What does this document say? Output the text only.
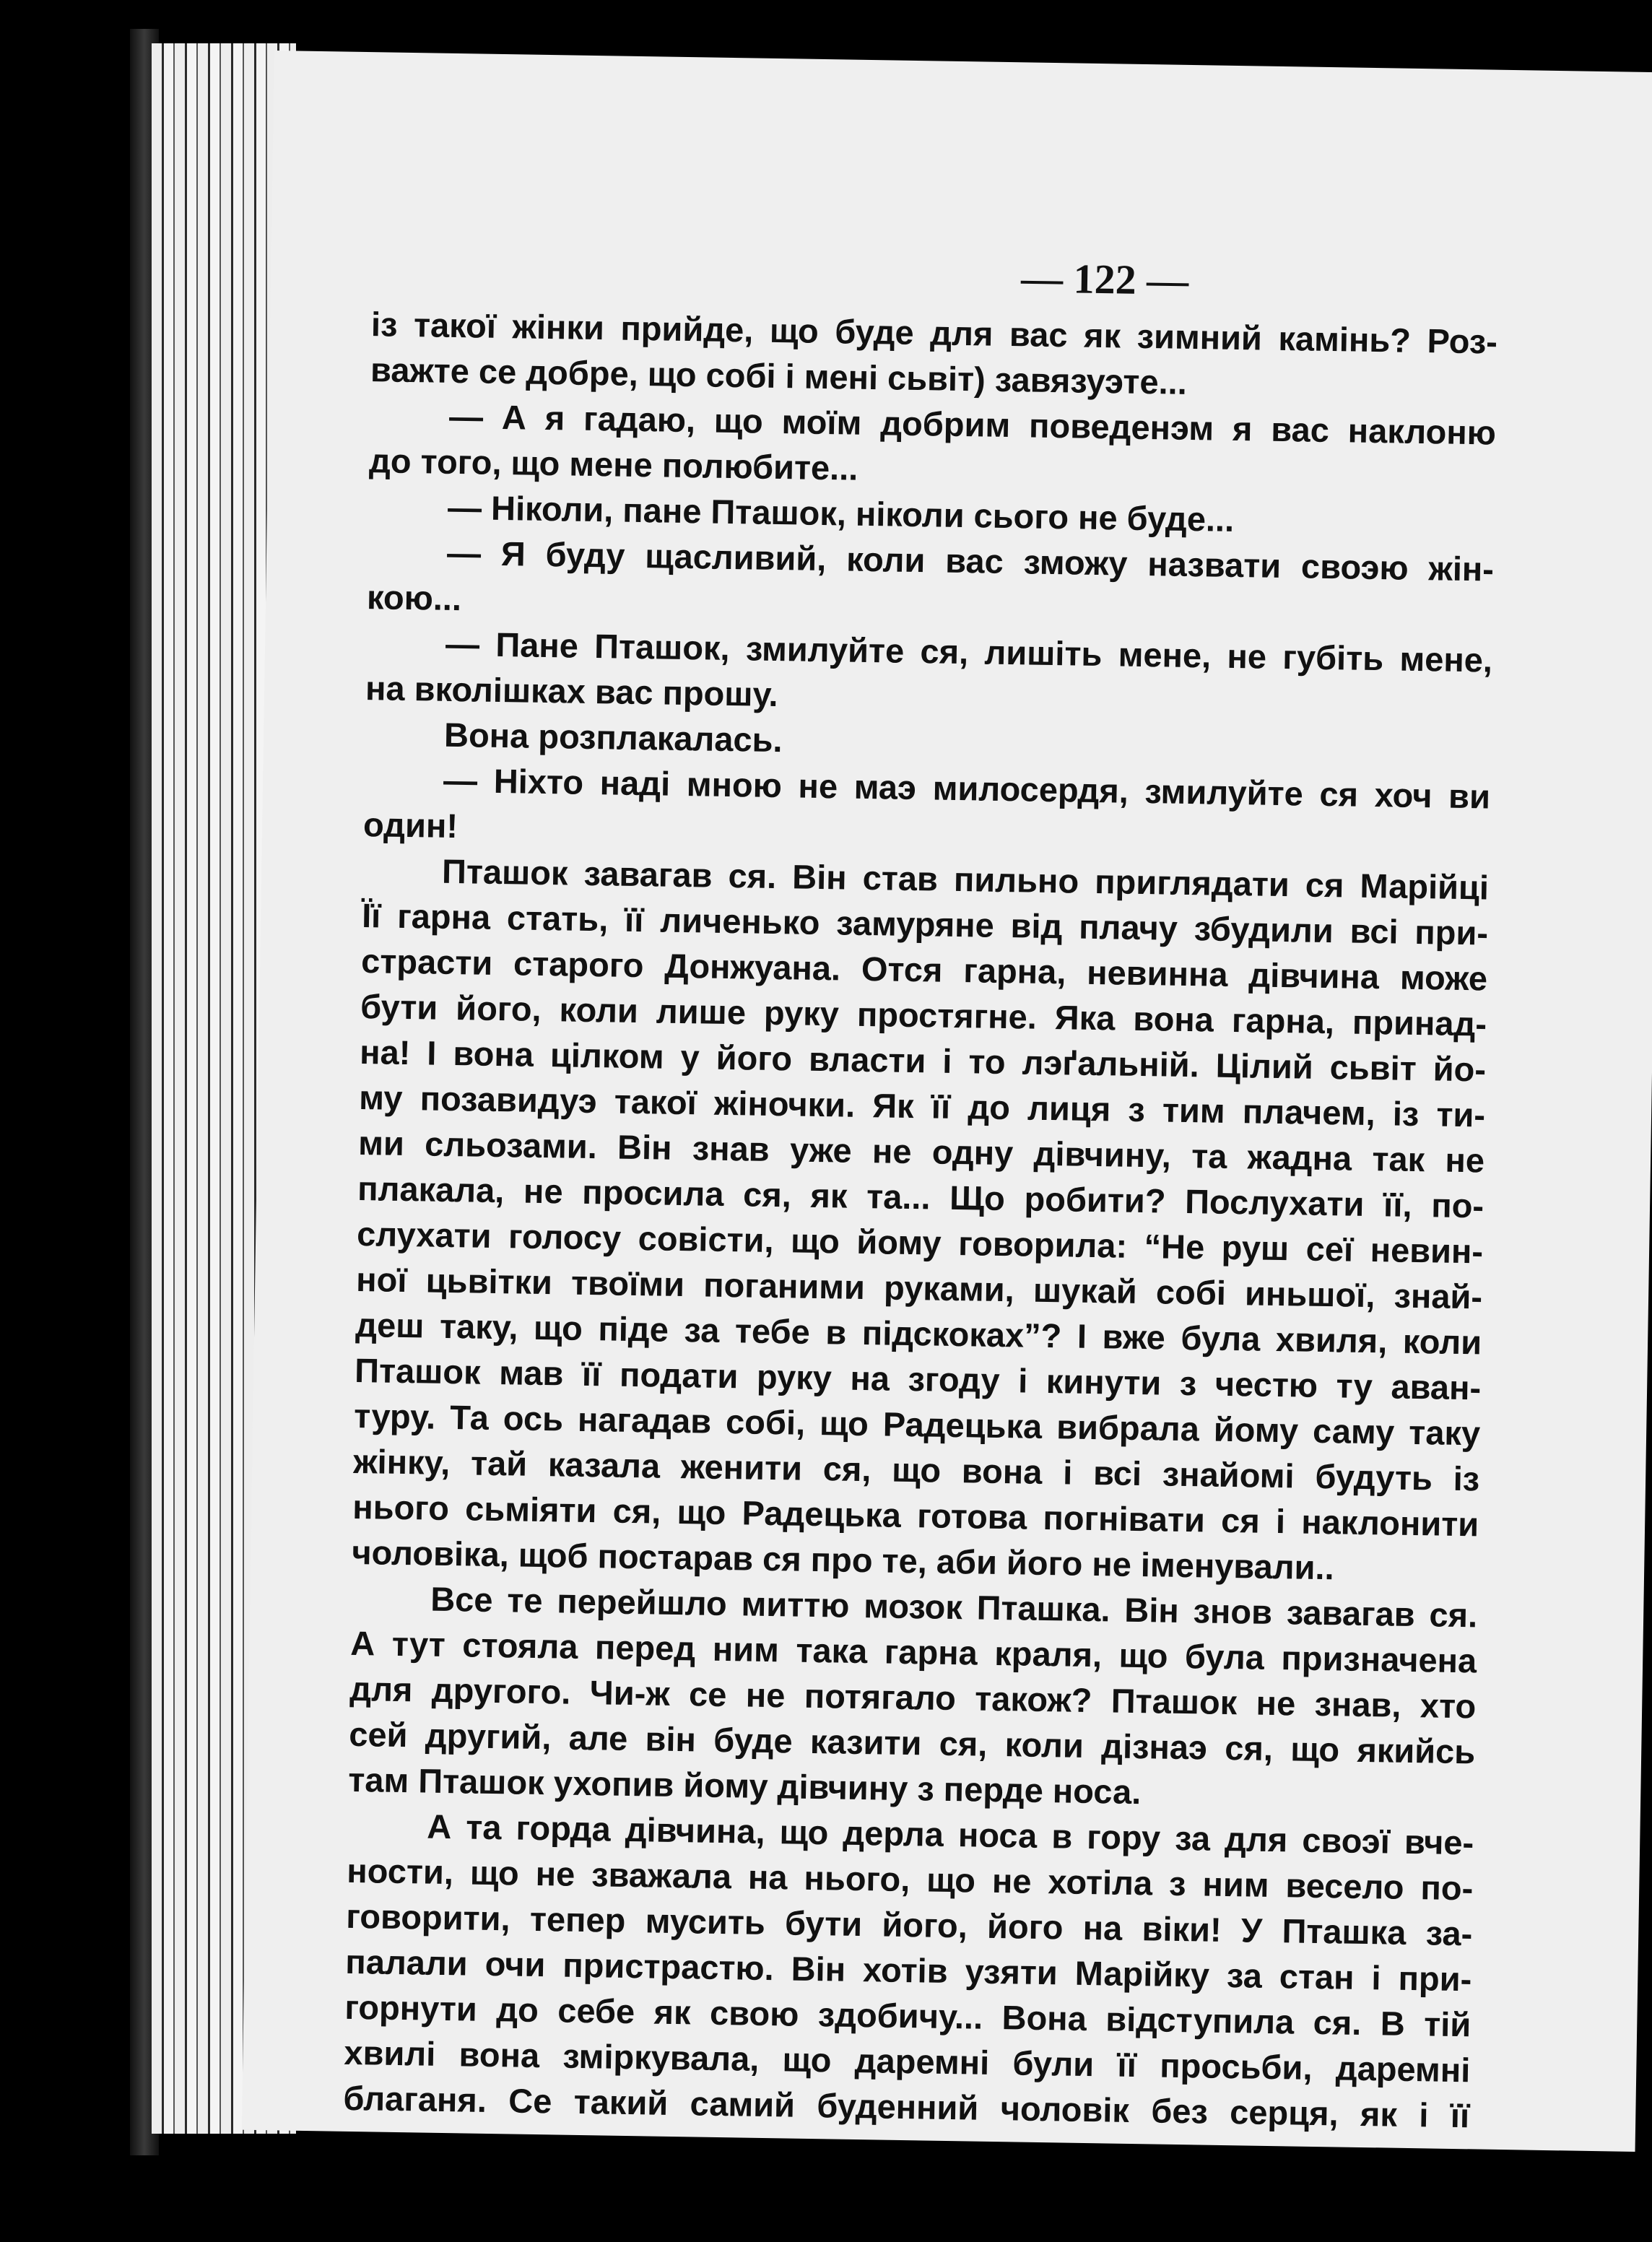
— 122 —
із такої жінки прийде, що буде для вас як зимний камінь? Роз-
важте се добре, що собі і мені сьвіт) завязуэте...
— А я гадаю, що моїм добрим поведенэм я вас наклоню
до того, що мене полюбите...
— Ніколи, пане Пташок, ніколи сього не буде...
— Я буду щасливий, коли вас зможу назвати своэю жін-
кою...
— Пане Пташок, змилуйте ся, лишіть мене, не губіть мене,
на вколішках вас прошу.
Вона розплакалась.
— Ніхто наді мною не маэ милосердя, змилуйте ся хоч ви
один!
Пташок завагав ся. Він став пильно приглядати ся Марійці
Її гарна стать, її личенько замуряне від плачу збудили всі при-
страсти старого Донжуана. Отся гарна, невинна дівчина може
бути його, коли лише руку простягне. Яка вона гарна, принад-
на! І вона цілком у його власти і то лэґальній. Цілий сьвіт йо-
му позавидуэ такої жіночки. Як її до лиця з тим плачем, із ти-
ми сльозами. Він знав уже не одну дівчину, та жадна так не
плакала, не просила ся, як та... Що робити? Послухати її, по-
слухати голосу совісти, що йому говорила: “Не руш сеї невин-
ної цьвітки твоїми поганими руками, шукай собі иньшої, знай-
деш таку, що піде за тебе в підскоках”? І вже була хвиля, коли
Пташок мав її подати руку на згоду і кинути з честю ту аван-
туру. Та ось нагадав собі, що Радецька вибрала йому саму таку
жінку, тай казала женити ся, що вона і всі знайомі будуть із
нього сьміяти ся, що Радецька готова погнівати ся і наклонити
чоловіка, щоб постарав ся про те, аби його не іменували..
Все те перейшло миттю мозок Пташка. Він знов завагав ся.
А тут стояла перед ним така гарна краля, що була призначена
для другого. Чи-ж се не потягало також? Пташок не знав, хто
сей другий, але він буде казити ся, коли дізнаэ ся, що якийсь
там Пташок ухопив йому дівчину з перде носа.
А та горда дівчина, що дерла носа в гору за для своэї вче-
ности, що не зважала на нього, що не хотіла з ним весело по-
говорити, тепер мусить бути його, його на віки! У Пташка за-
палали очи пристрастю. Він хотів узяти Марійку за стан і при-
горнути до себе як свою здобичу... Вона відступила ся. В тій
хвилі вона зміркувала, що даремні були її просьби, даремні
благаня. Се такий самий буденний чоловік без серця, як і її
